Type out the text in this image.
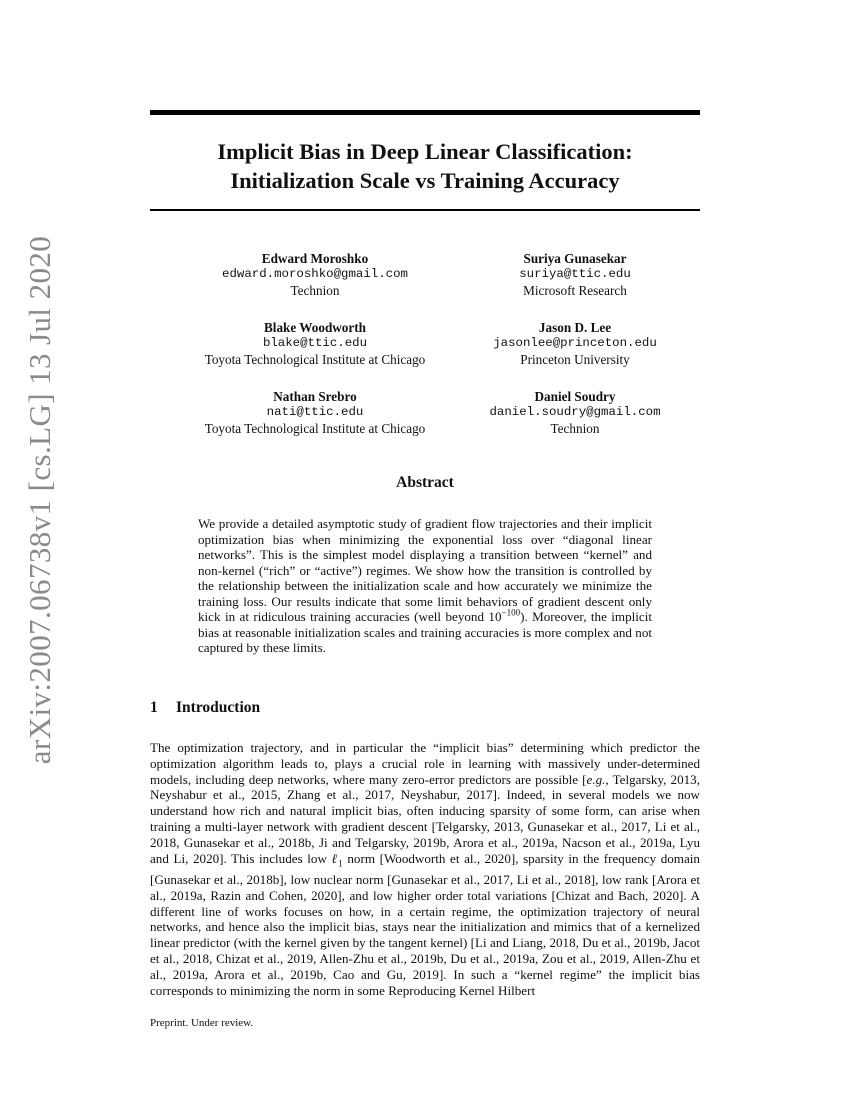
Implicit Bias in Deep Linear Classification:
Initialization Scale vs Training Accuracy
arXiv:2007.06738v1 [cs.LG] 13 Jul 2020	Edward Moroshko
edward.moroshko@gmail.com
Technion
Suriya Gunasekar
suriya@ttic.edu
Microsoft Research
Blake Woodworth
blake@ttic.edu
Toyota Technological Institute at Chicago
Jason D. Lee
jasonlee@princeton.edu
Princeton University
Nathan Srebro
nati@ttic.edu
Toyota Technological Institute at Chicago
Daniel Soudry
daniel.soudry@gmail.com
Technion
Abstract
We provide a detailed asymptotic study of gradient flow trajectories and their implicit optimization bias when minimizing the exponential loss over “diagonal linear networks”. This is the simplest model displaying a transition between “kernel” and non-kernel (“rich” or “active”) regimes. We show how the transition is controlled by the relationship between the initialization scale and how accurately we minimize the training loss. Our results indicate that some limit behaviors of gradient descent only kick in at ridiculous training accuracies (well beyond $10^{-100}$). Moreover, the implicit bias at reasonable initialization scales and training accuracies is more complex and not captured by these limits.
1 Introduction
The optimization trajectory, and in particular the “implicit bias” determining which predictor the optimization algorithm leads to, plays a crucial role in learning with massively under-determined models, including deep networks, where many zero-error predictors are possible [e.g., Telgarsky, 2013, Neyshabur et al., 2015, Zhang et al., 2017, Neyshabur, 2017]. Indeed, in several models we now understand how rich and natural implicit bias, often inducing sparsity of some form, can arise when training a multi-layer network with gradient descent [Telgarsky, 2013, Gunasekar et al., 2017, Li et al., 2018, Gunasekar et al., 2018b, Ji and Telgarsky, 2019b, Arora et al., 2019a, Nacson et al., 2019a, Lyu and Li, 2020]. This includes low ℓ$_1$ norm [Woodworth et al., 2020], sparsity in the frequency domain [Gunasekar et al., 2018b], low nuclear norm [Gunasekar et al., 2017, Li et al., 2018], low rank [Arora et al., 2019a, Razin and Cohen, 2020], and low higher order total variations [Chizat and Bach, 2020]. A different line of works focuses on how, in a certain regime, the optimization trajectory of neural networks, and hence also the implicit bias, stays near the initialization and mimics that of a kernelized linear predictor (with the kernel given by the tangent kernel) [Li and Liang, 2018, Du et al., 2019b, Jacot et al., 2018, Chizat et al., 2019, Allen-Zhu et al., 2019b, Du et al., 2019a, Zou et al., 2019, Allen-Zhu et al., 2019a, Arora et al., 2019b, Cao and Gu, 2019]. In such a “kernel regime” the implicit bias corresponds to minimizing the norm in some Reproducing Kernel Hilbert
Preprint. Under review.
